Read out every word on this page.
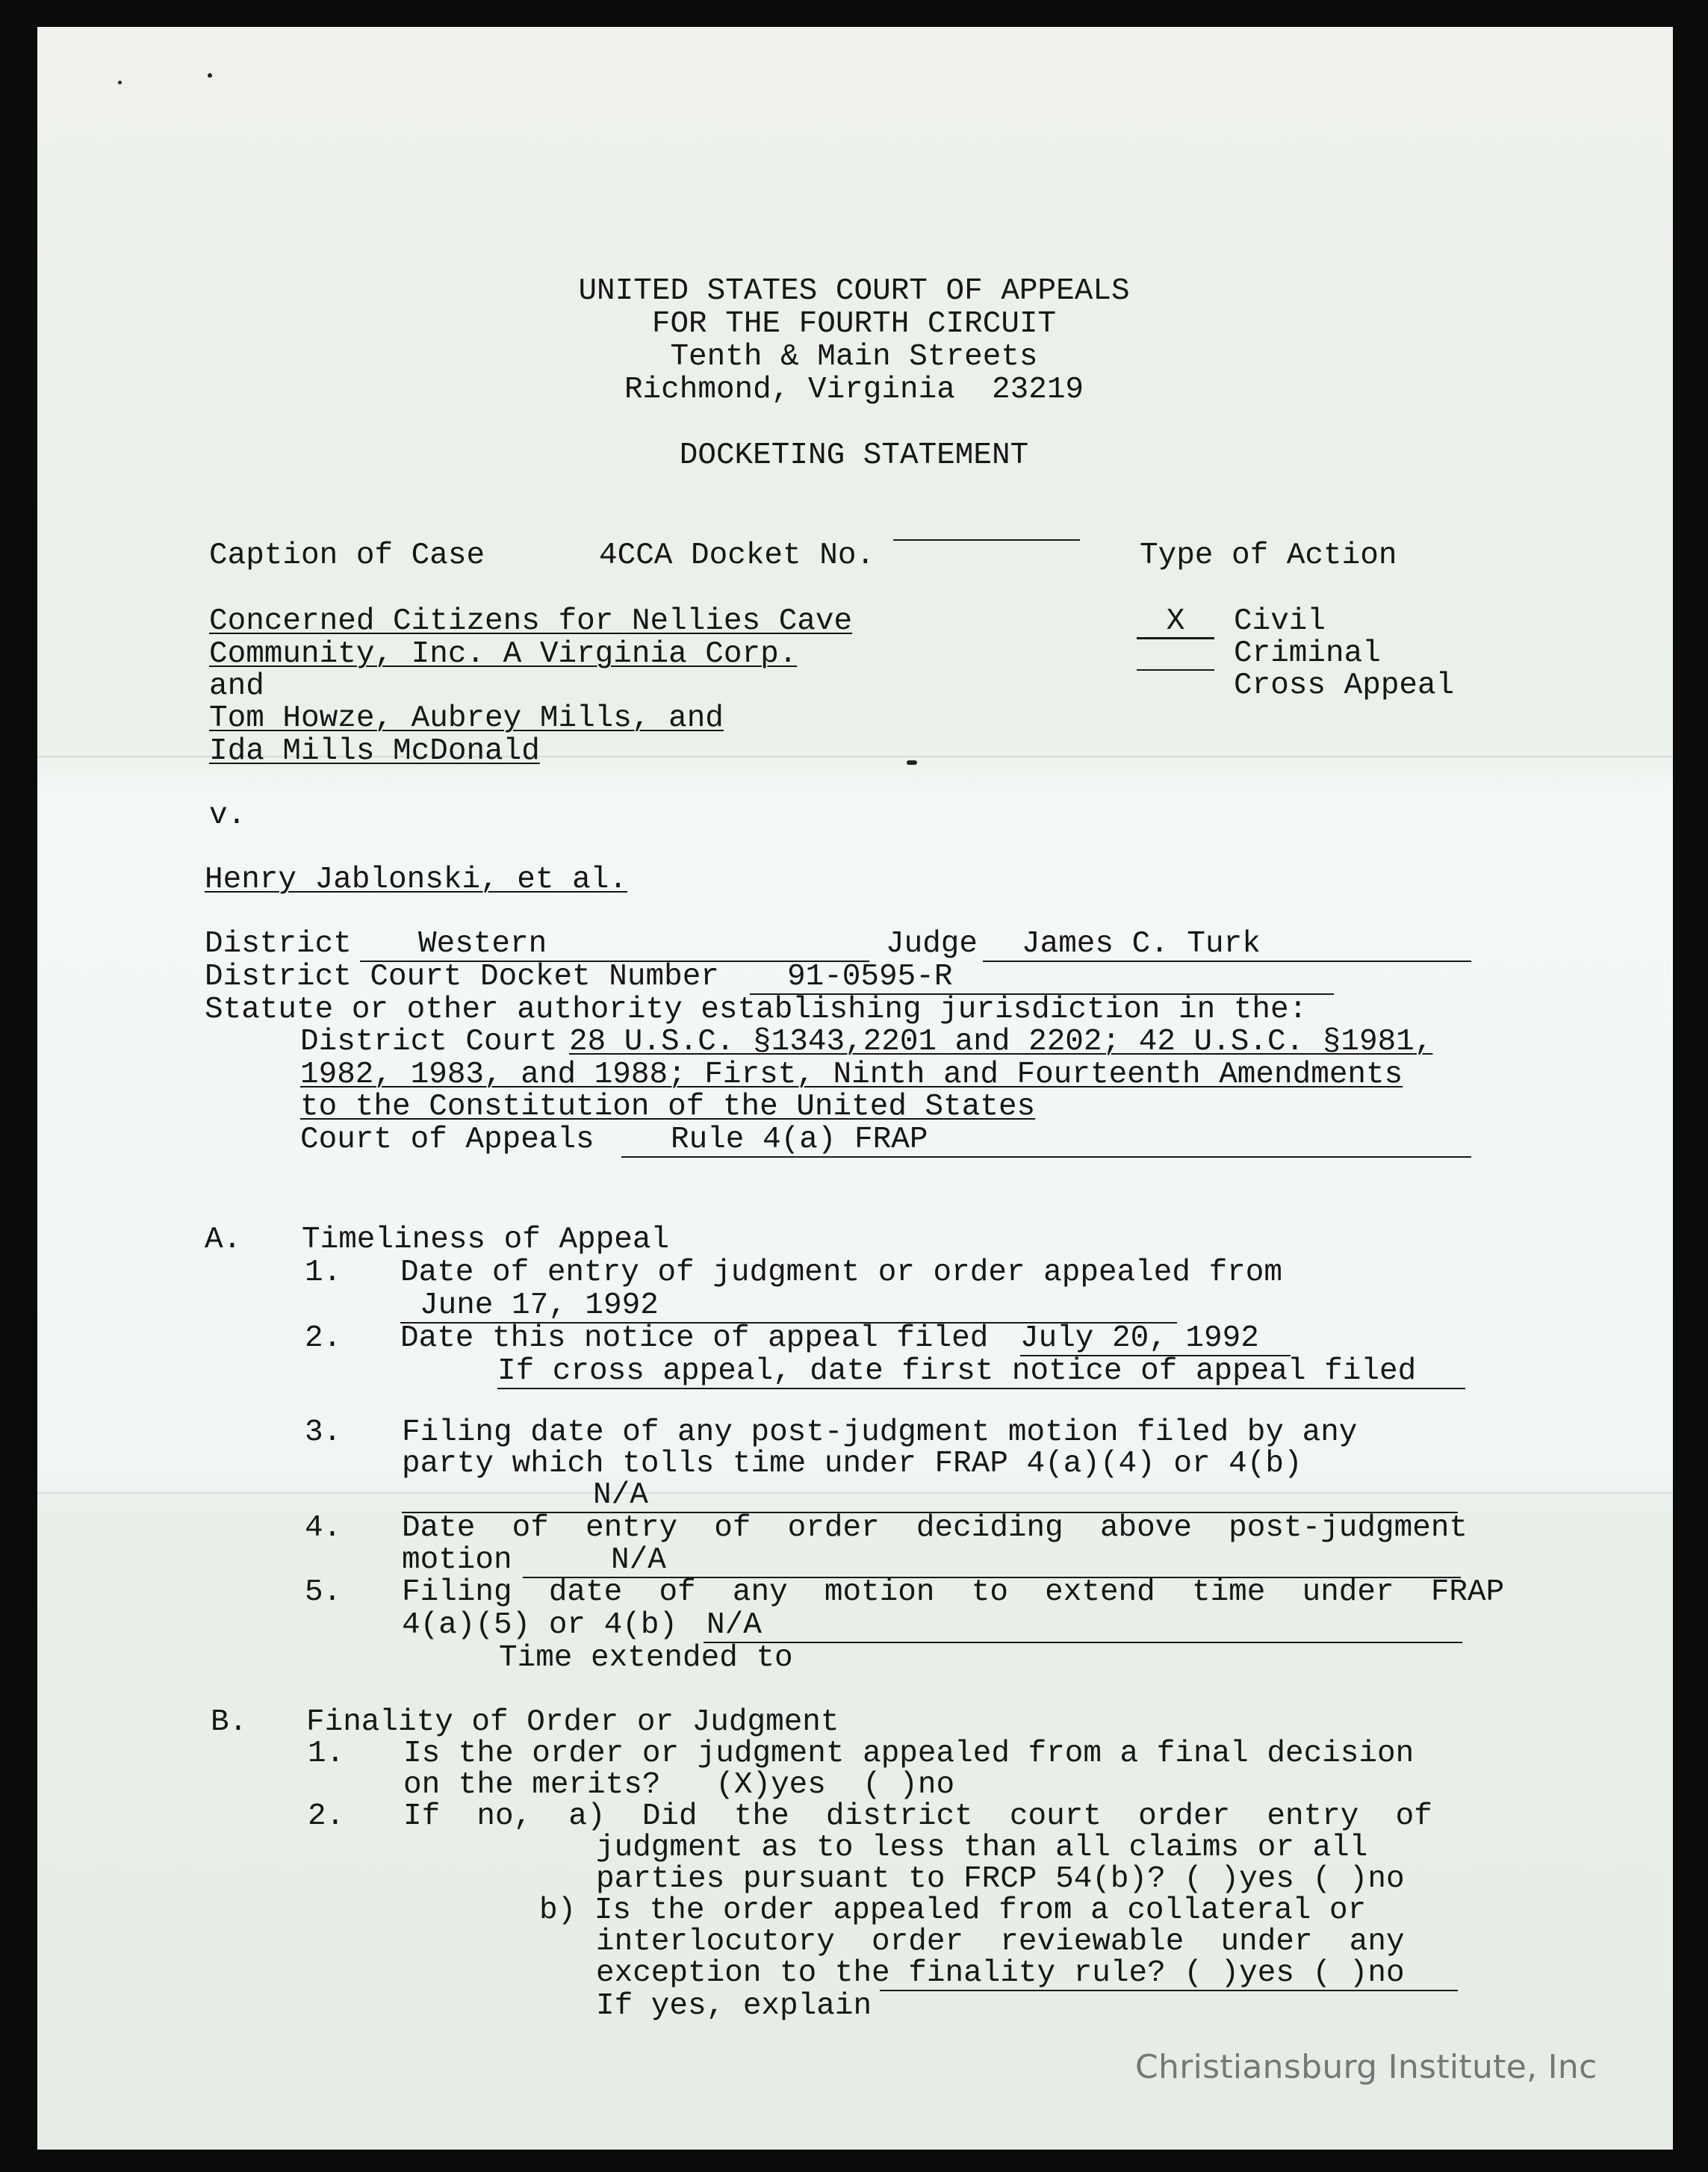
UNITED STATES COURT OF APPEALS
FOR THE FOURTH CIRCUIT
Tenth & Main Streets
Richmond, Virginia  23219
DOCKETING STATEMENT
Caption of Case	4CCA Docket No.	Type of Action
Concerned Citizens for Nellies Cave
Community, Inc. A Virginia Corp.
and
Tom Howze, Aubrey Mills, and
Ida Mills McDonald
v.
Henry Jablonski, et al.
X	Civil
Criminal
Cross Appeal
District	Western	Judge	James C. Turk
District Court Docket Number	91-0595-R
Statute or other authority establishing jurisdiction in the:
District Court 28 U.S.C. §1343,2201 and 2202; 42 U.S.C. §1981,
1982, 1983, and 1988; First, Ninth and Fourteenth Amendments
to the Constitution of the United States
Court of Appeals	Rule 4(a) FRAP
A. Timeliness of Appeal
1. Date of entry of judgment or order appealed from
June 17, 1992
2. Date this notice of appeal filed July 20, 1992
If cross appeal, date first notice of appeal filed
3. Filing date of any post-judgment motion filed by any
party which tolls time under FRAP 4(a)(4) or 4(b)
N/A
4. Date  of  entry  of  order  deciding  above  post-judgment
motion	N/A
5. Filing  date  of  any  motion  to  extend  time  under  FRAP
4(a)(5) or 4(b) N/A
Time extended to
B. Finality of Order or Judgment
1. Is the order or judgment appealed from a final decision
on the merits?   (X)yes  ( )no
2. If  no,  a)  Did  the  district  court  order  entry  of
judgment as to less than all claims or all
parties pursuant to FRCP 54(b)? ( )yes ( )no
b) Is the order appealed from a collateral or
interlocutory  order  reviewable  under  any
exception to the finality rule? ( )yes ( )no
If yes, explain
Christiansburg Institute, Inc
